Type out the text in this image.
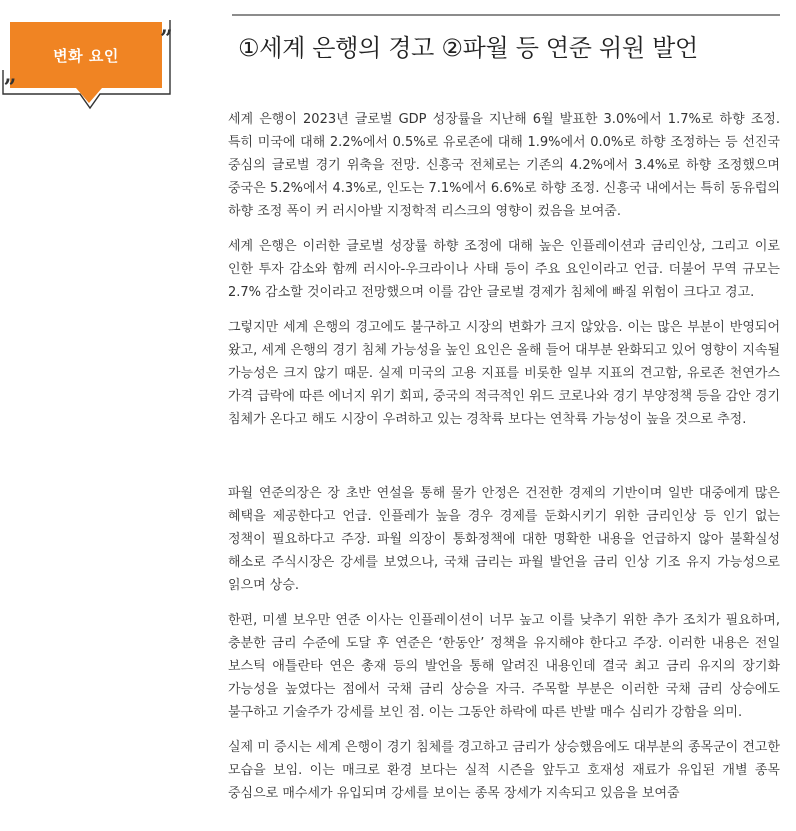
변화 요인
„
”	①세계 은행의 경고 ②파월 등 연준 위원 발언

세계 은행이 2023년 글로벌 GDP 성장률을 지난해 6월 발표한 3.0%에서 1.7%로 하향 조정. 특히 미국에 대해 2.2%에서 0.5%로 유로존에 대해 1.9%에서 0.0%로 하향 조정하는 등 선진국 중심의 글로벌 경기 위축을 전망. 신흥국 전체로는 기존의 4.2%에서 3.4%로 하향 조정했으며 중국은 5.2%에서 4.3%로, 인도는 7.1%에서 6.6%로 하향 조정. 신흥국 내에서는 특히 동유럽의 하향 조정 폭이 커 러시아발 지정학적 리스크의 영향이 컸음을 보여줌.

세계 은행은 이러한 글로벌 성장률 하향 조정에 대해 높은 인플레이션과 금리인상, 그리고 이로 인한 투자 감소와 함께 러시아-우크라이나 사태 등이 주요 요인이라고 언급. 더불어 무역 규모는 2.7% 감소할 것이라고 전망했으며 이를 감안 글로벌 경제가 침체에 빠질 위험이 크다고 경고.

그렇지만 세계 은행의 경고에도 불구하고 시장의 변화가 크지 않았음. 이는 많은 부분이 반영되어 왔고, 세계 은행의 경기 침체 가능성을 높인 요인은 올해 들어 대부분 완화되고 있어 영향이 지속될 가능성은 크지 않기 때문. 실제 미국의 고용 지표를 비롯한 일부 지표의 견고함, 유로존 천연가스 가격 급락에 따른 에너지 위기 회피, 중국의 적극적인 위드 코로나와 경기 부양정책 등을 감안 경기 침체가 온다고 해도 시장이 우려하고 있는 경착륙 보다는 연착륙 가능성이 높을 것으로 추정.

파월 연준의장은 장 초반 연설을 통해 물가 안정은 건전한 경제의 기반이며 일반 대중에게 많은 혜택을 제공한다고 언급. 인플레가 높을 경우 경제를 둔화시키기 위한 금리인상 등 인기 없는 정책이 필요하다고 주장. 파월 의장이 통화정책에 대한 명확한 내용을 언급하지 않아 불확실성 해소로 주식시장은 강세를 보였으나, 국채 금리는 파월 발언을 금리 인상 기조 유지 가능성으로 읽으며 상승.

한편, 미셸 보우만 연준 이사는 인플레이션이 너무 높고 이를 낮추기 위한 추가 조치가 필요하며, 충분한 금리 수준에 도달 후 연준은 ‘한동안’ 정책을 유지해야 한다고 주장. 이러한 내용은 전일 보스틱 애틀란타 연은 총재 등의 발언을 통해 알려진 내용인데 결국 최고 금리 유지의 장기화 가능성을 높였다는 점에서 국채 금리 상승을 자극. 주목할 부분은 이러한 국채 금리 상승에도 불구하고 기술주가 강세를 보인 점. 이는 그동안 하락에 따른 반발 매수 심리가 강함을 의미.

실제 미 증시는 세계 은행이 경기 침체를 경고하고 금리가 상승했음에도 대부분의 종목군이 견고한 모습을 보임. 이는 매크로 환경 보다는 실적 시즌을 앞두고 호재성 재료가 유입된 개별 종목 중심으로 매수세가 유입되며 강세를 보이는 종목 장세가 지속되고 있음을 보여줌
